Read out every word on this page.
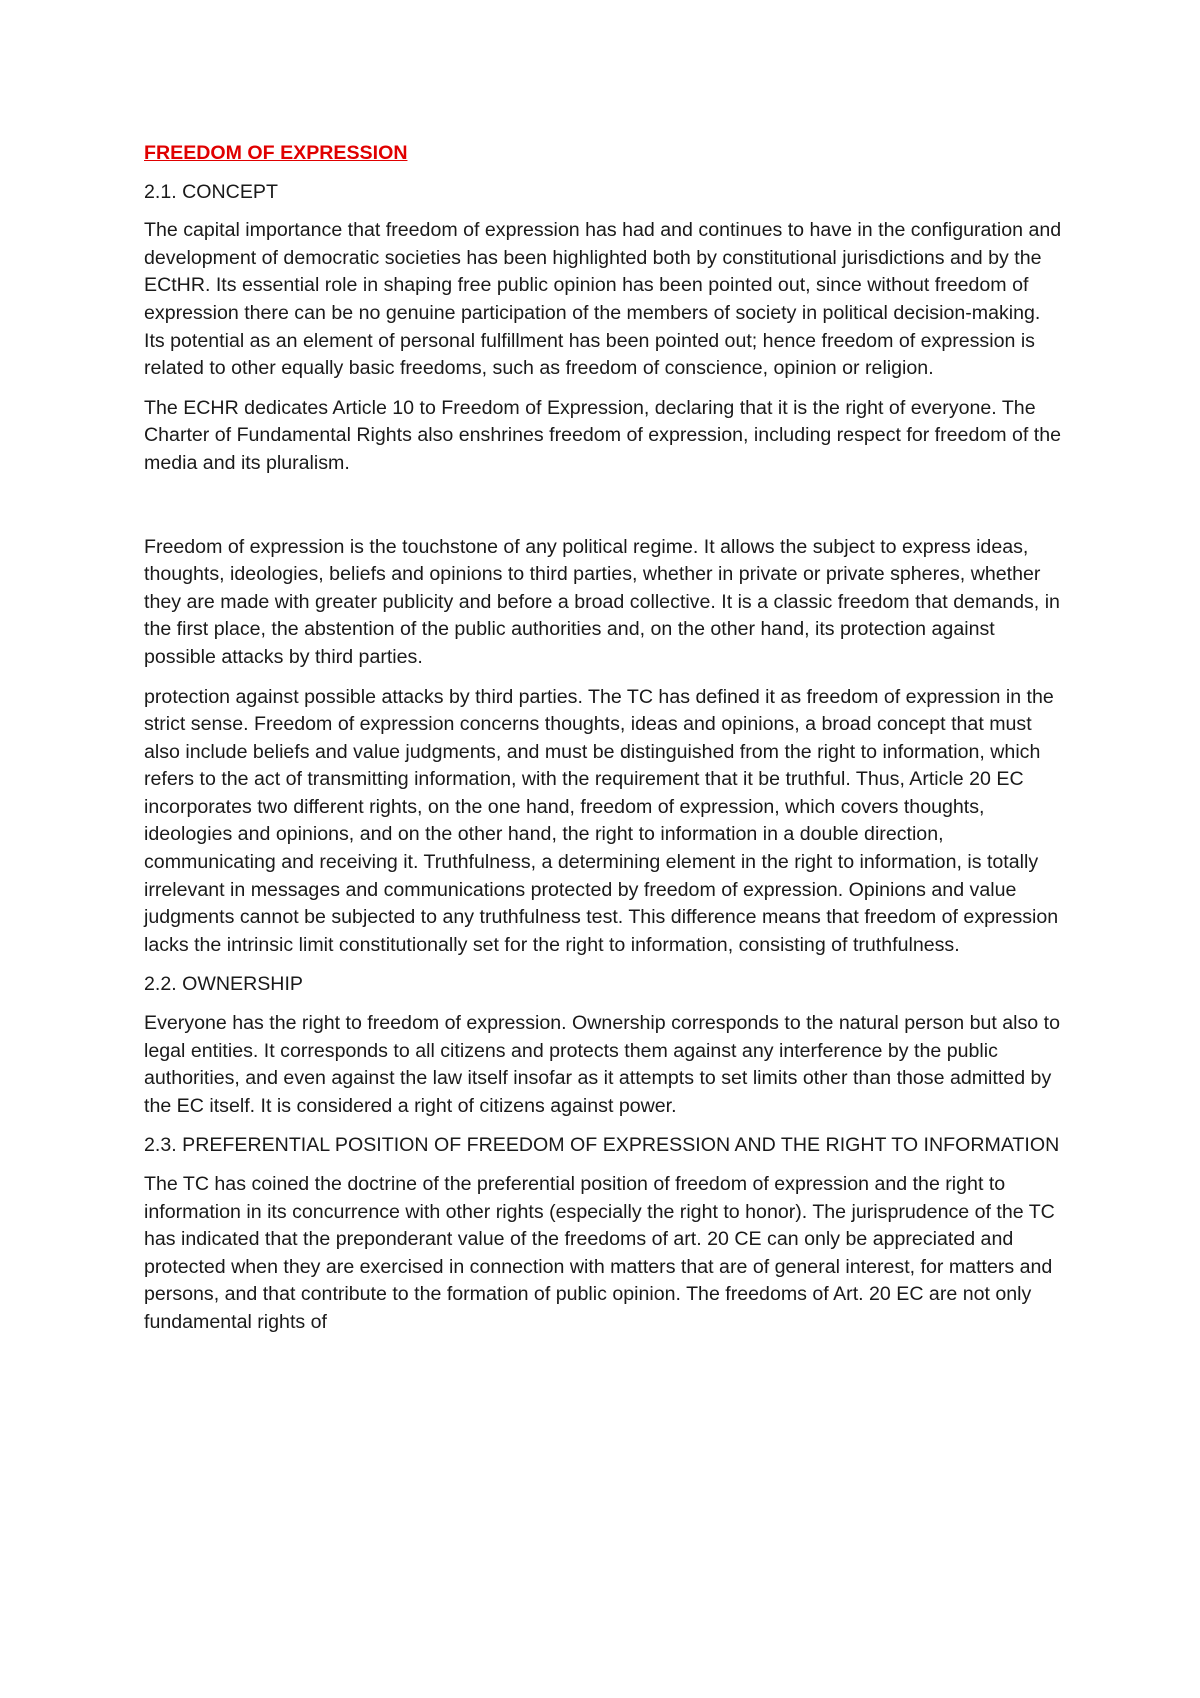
FREEDOM OF EXPRESSION
2.1. CONCEPT

The capital importance that freedom of expression has had and continues to have in the configuration and development of democratic societies has been highlighted both by constitutional jurisdictions and by the ECtHR. Its essential role in shaping free public opinion has been pointed out, since without freedom of expression there can be no genuine participation of the members of society in political decision-making. Its potential as an element of personal fulfillment has been pointed out; hence freedom of expression is related to other equally basic freedoms, such as freedom of conscience, opinion or religion.

The ECHR dedicates Article 10 to Freedom of Expression, declaring that it is the right of everyone. The Charter of Fundamental Rights also enshrines freedom of expression, including respect for freedom of the media and its pluralism.

Freedom of expression is the touchstone of any political regime. It allows the subject to express ideas, thoughts, ideologies, beliefs and opinions to third parties, whether in private or private spheres, whether they are made with greater publicity and before a broad collective. It is a classic freedom that demands, in the first place, the abstention of the public authorities and, on the other hand, its protection against possible attacks by third parties.

protection against possible attacks by third parties. The TC has defined it as freedom of expression in the strict sense. Freedom of expression concerns thoughts, ideas and opinions, a broad concept that must also include beliefs and value judgments, and must be distinguished from the right to information, which refers to the act of transmitting information, with the requirement that it be truthful. Thus, Article 20 EC incorporates two different rights, on the one hand, freedom of expression, which covers thoughts, ideologies and opinions, and on the other hand, the right to information in a double direction, communicating and receiving it. Truthfulness, a determining element in the right to information, is totally irrelevant in messages and communications protected by freedom of expression. Opinions and value judgments cannot be subjected to any truthfulness test. This difference means that freedom of expression lacks the intrinsic limit constitutionally set for the right to information, consisting of truthfulness.

2.2. OWNERSHIP

Everyone has the right to freedom of expression. Ownership corresponds to the natural person but also to legal entities. It corresponds to all citizens and protects them against any interference by the public authorities, and even against the law itself insofar as it attempts to set limits other than those admitted by the EC itself. It is considered a right of citizens against power.

2.3. PREFERENTIAL POSITION OF FREEDOM OF EXPRESSION AND THE RIGHT TO INFORMATION

The TC has coined the doctrine of the preferential position of freedom of expression and the right to information in its concurrence with other rights (especially the right to honor). The jurisprudence of the TC has indicated that the preponderant value of the freedoms of art. 20 CE can only be appreciated and protected when they are exercised in connection with matters that are of general interest, for matters and persons, and that contribute to the formation of public opinion. The freedoms of Art. 20 EC are not only fundamental rights of
